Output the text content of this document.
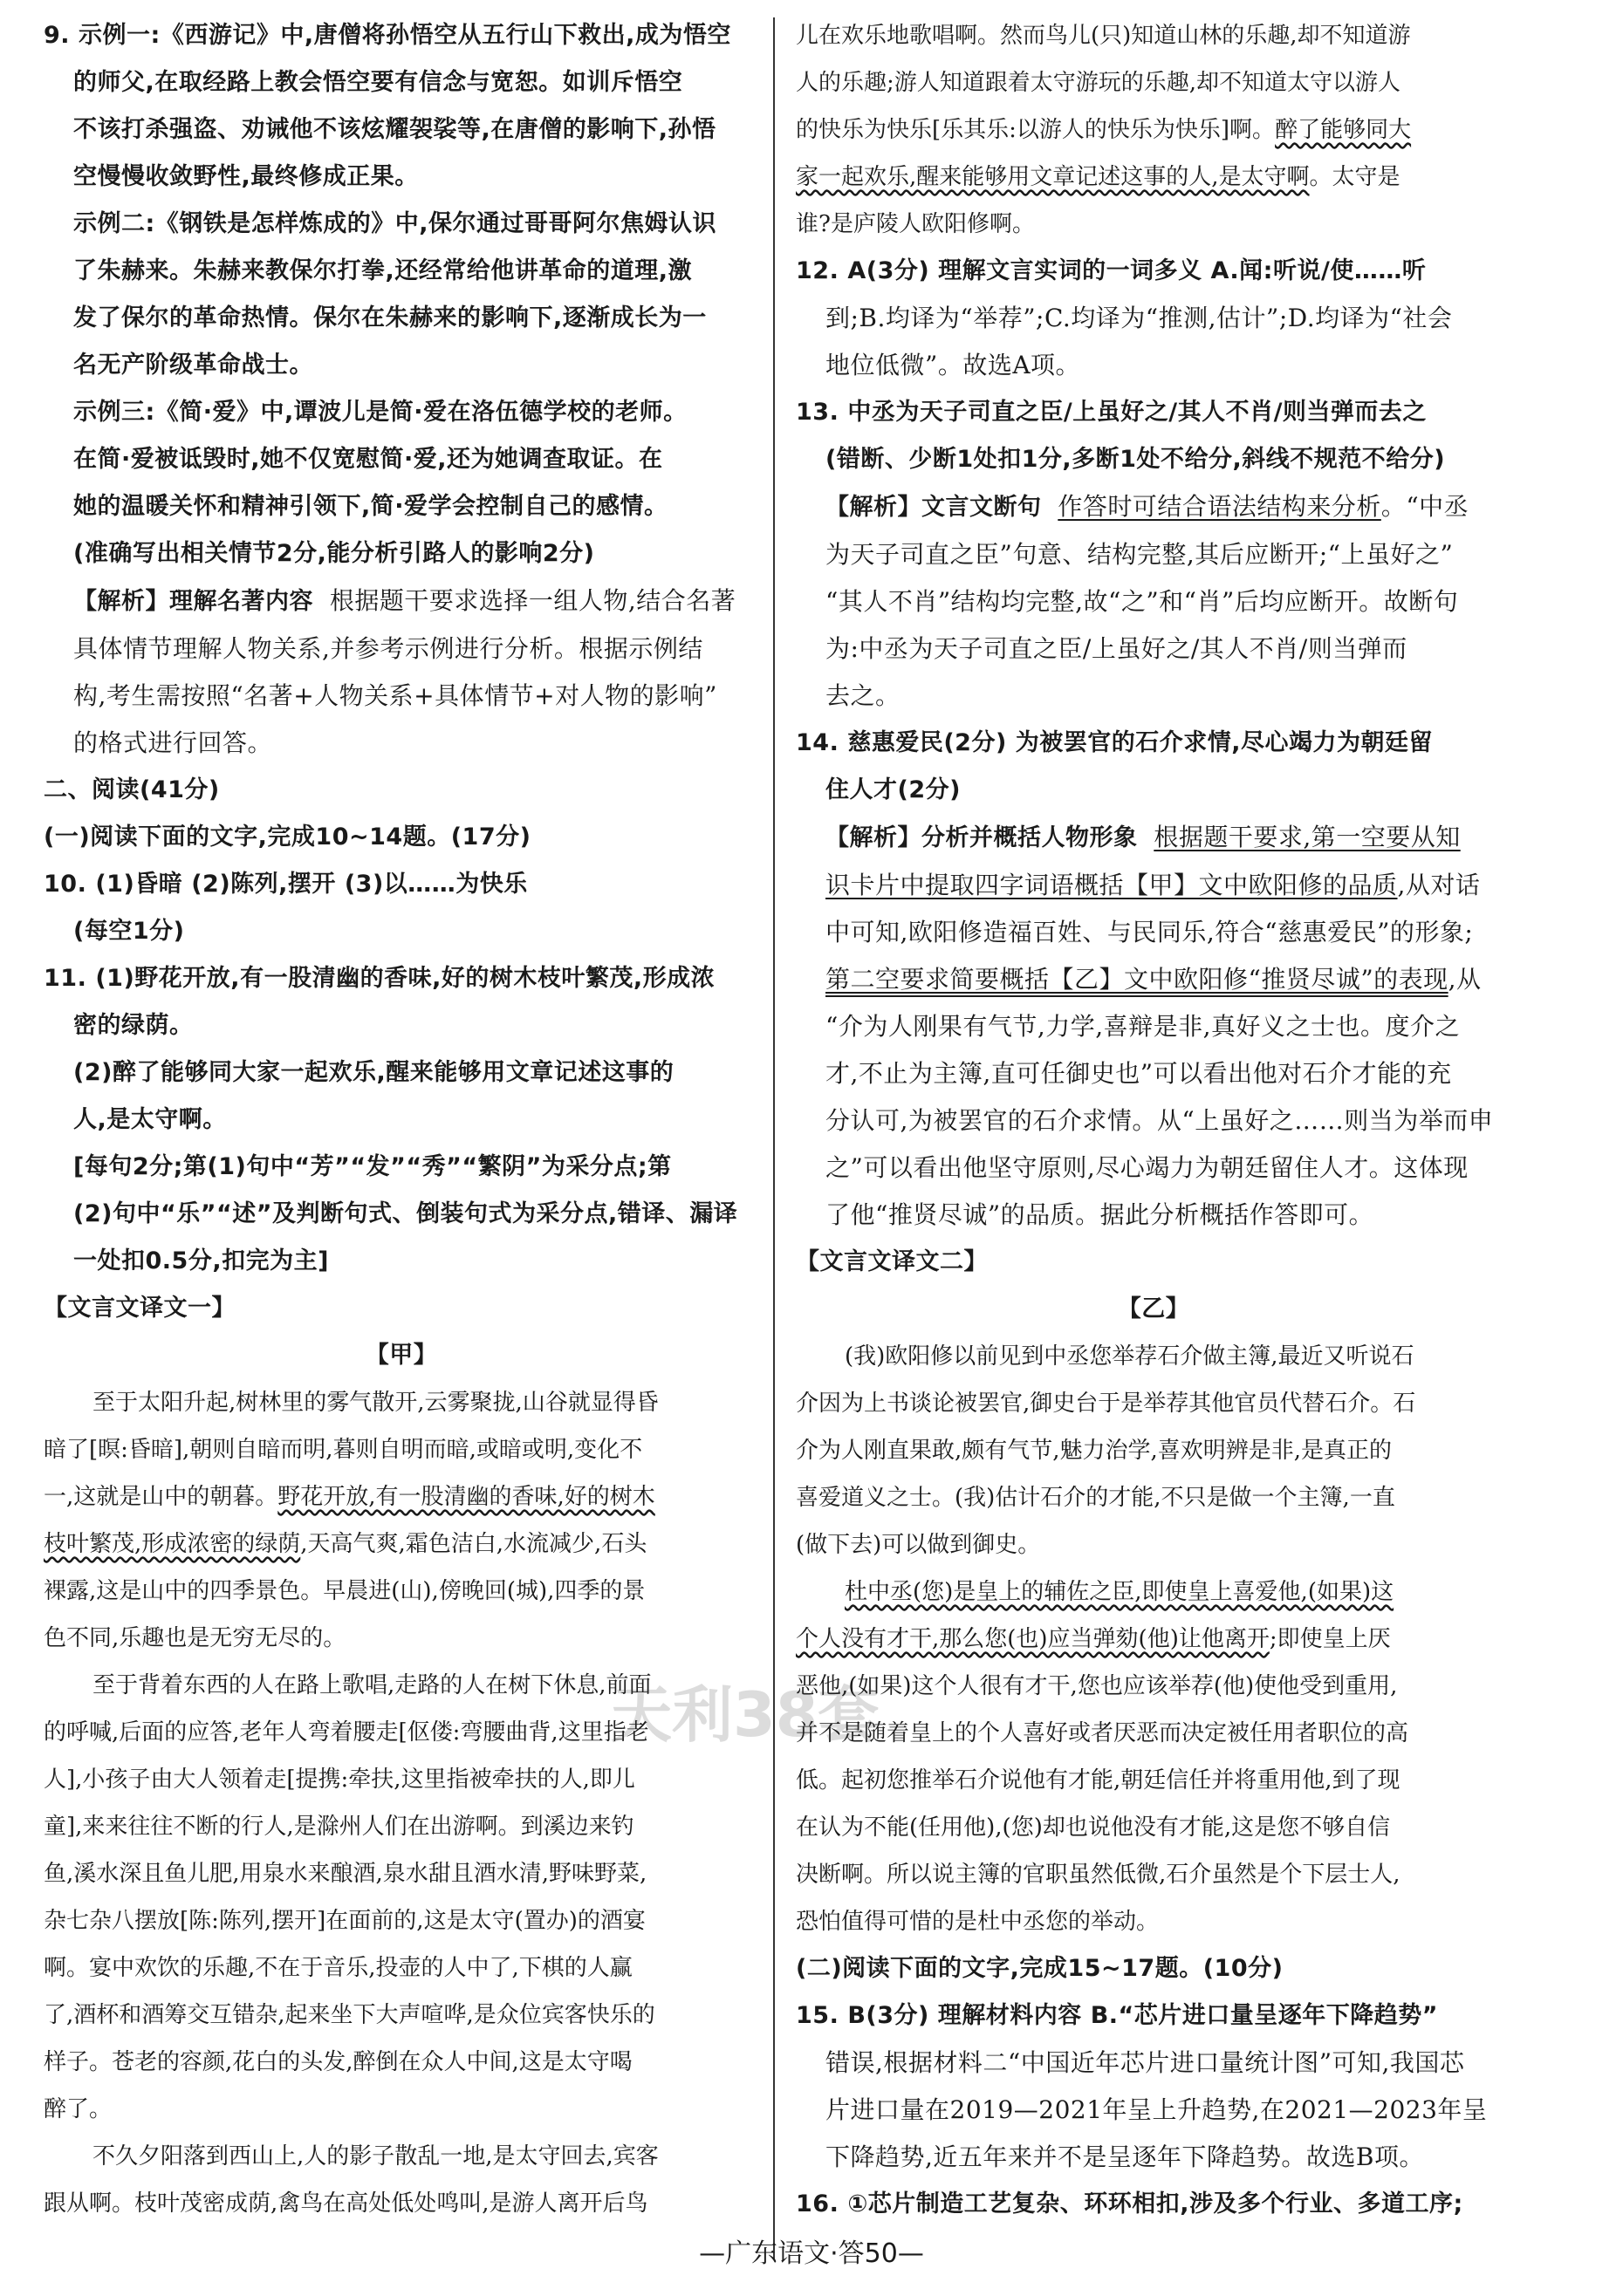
9. 示例一:《西游记》中,唐僧将孙悟空从五行山下救出,成为悟空
的师父,在取经路上教会悟空要有信念与宽恕。如训斥悟空
不该打杀强盗、劝诫他不该炫耀袈裟等,在唐僧的影响下,孙悟
空慢慢收敛野性,最终修成正果。
示例二:《钢铁是怎样炼成的》中,保尔通过哥哥阿尔焦姆认识
了朱赫来。朱赫来教保尔打拳,还经常给他讲革命的道理,激
发了保尔的革命热情。保尔在朱赫来的影响下,逐渐成长为一
名无产阶级革命战士。
示例三:《简·爱》中,谭波儿是简·爱在洛伍德学校的老师。
在简·爱被诋毁时,她不仅宽慰简·爱,还为她调查取证。在
她的温暖关怀和精神引领下,简·爱学会控制自己的感情。
(准确写出相关情节2分,能分析引路人的影响2分)
【解析】理解名著内容 根据题干要求选择一组人物,结合名著
具体情节理解人物关系,并参考示例进行分析。根据示例结
构,考生需按照“名著+人物关系+具体情节+对人物的影响”
的格式进行回答。
二、阅读(41分)
(一)阅读下面的文字,完成10~14题。(17分)
10. (1)昏暗 (2)陈列,摆开 (3)以……为快乐
(每空1分)
11. (1)野花开放,有一股清幽的香味,好的树木枝叶繁茂,形成浓
密的绿荫。
(2)醉了能够同大家一起欢乐,醒来能够用文章记述这事的
人,是太守啊。
[每句2分;第(1)句中“芳”“发”“秀”“繁阴”为采分点;第
(2)句中“乐”“述”及判断句式、倒装句式为采分点,错译、漏译
一处扣0.5分,扣完为主]
【文言文译文一】
【甲】
至于太阳升起,树林里的雾气散开,云雾聚拢,山谷就显得昏
暗了[暝:昏暗],朝则自暗而明,暮则自明而暗,或暗或明,变化不
一,这就是山中的朝暮。野花开放,有一股清幽的香味,好的树木
枝叶繁茂,形成浓密的绿荫,天高气爽,霜色洁白,水流减少,石头
裸露,这是山中的四季景色。早晨进(山),傍晚回(城),四季的景
色不同,乐趣也是无穷无尽的。
至于背着东西的人在路上歌唱,走路的人在树下休息,前面
的呼喊,后面的应答,老年人弯着腰走[伛偻:弯腰曲背,这里指老
人],小孩子由大人领着走[提携:牵扶,这里指被牵扶的人,即儿
童],来来往往不断的行人,是滁州人们在出游啊。到溪边来钓
鱼,溪水深且鱼儿肥,用泉水来酿酒,泉水甜且酒水清,野味野菜,
杂七杂八摆放[陈:陈列,摆开]在面前的,这是太守(置办)的酒宴
啊。宴中欢饮的乐趣,不在于音乐,投壶的人中了,下棋的人赢
了,酒杯和酒筹交互错杂,起来坐下大声喧哗,是众位宾客快乐的
样子。苍老的容颜,花白的头发,醉倒在众人中间,这是太守喝
醉了。
不久夕阳落到西山上,人的影子散乱一地,是太守回去,宾客
跟从啊。枝叶茂密成荫,禽鸟在高处低处鸣叫,是游人离开后鸟
儿在欢乐地歌唱啊。然而鸟儿(只)知道山林的乐趣,却不知道游
人的乐趣;游人知道跟着太守游玩的乐趣,却不知道太守以游人
的快乐为快乐[乐其乐:以游人的快乐为快乐]啊。醉了能够同大
家一起欢乐,醒来能够用文章记述这事的人,是太守啊。太守是
谁?是庐陵人欧阳修啊。
12. A(3分) 理解文言实词的一词多义 A.闻:听说/使……听
到;B.均译为“举荐”;C.均译为“推测,估计”;D.均译为“社会
地位低微”。故选A项。
13. 中丞为天子司直之臣/上虽好之/其人不肖/则当弹而去之
(错断、少断1处扣1分,多断1处不给分,斜线不规范不给分)
【解析】文言文断句 作答时可结合语法结构来分析。“中丞
为天子司直之臣”句意、结构完整,其后应断开;“上虽好之”
“其人不肖”结构均完整,故“之”和“肖”后均应断开。故断句
为:中丞为天子司直之臣/上虽好之/其人不肖/则当弹而
去之。
14. 慈惠爱民(2分) 为被罢官的石介求情,尽心竭力为朝廷留
住人才(2分)
【解析】分析并概括人物形象 根据题干要求,第一空要从知
识卡片中提取四字词语概括【甲】文中欧阳修的品质,从对话
中可知,欧阳修造福百姓、与民同乐,符合“慈惠爱民”的形象;
第二空要求简要概括【乙】文中欧阳修“推贤尽诚”的表现,从
“介为人刚果有气节,力学,喜辩是非,真好义之士也。度介之
才,不止为主簿,直可任御史也”可以看出他对石介才能的充
分认可,为被罢官的石介求情。从“上虽好之……则当为举而申
之”可以看出他坚守原则,尽心竭力为朝廷留住人才。这体现
了他“推贤尽诚”的品质。据此分析概括作答即可。
【文言文译文二】
【乙】
(我)欧阳修以前见到中丞您举荐石介做主簿,最近又听说石
介因为上书谈论被罢官,御史台于是举荐其他官员代替石介。石
介为人刚直果敢,颇有气节,魅力治学,喜欢明辨是非,是真正的
喜爱道义之士。(我)估计石介的才能,不只是做一个主簿,一直
(做下去)可以做到御史。
杜中丞(您)是皇上的辅佐之臣,即使皇上喜爱他,(如果)这
个人没有才干,那么您(也)应当弹劾(他)让他离开;即使皇上厌
恶他,(如果)这个人很有才干,您也应该举荐(他)使他受到重用,
并不是随着皇上的个人喜好或者厌恶而决定被任用者职位的高
低。起初您推举石介说他有才能,朝廷信任并将重用他,到了现
在认为不能(任用他),(您)却也说他没有才能,这是您不够自信
决断啊。所以说主簿的官职虽然低微,石介虽然是个下层士人,
恐怕值得可惜的是杜中丞您的举动。
(二)阅读下面的文字,完成15~17题。(10分)
15. B(3分) 理解材料内容 B.“芯片进口量呈逐年下降趋势”
错误,根据材料二“中国近年芯片进口量统计图”可知,我国芯
片进口量在2019—2021年呈上升趋势,在2021—2023年呈
下降趋势,近五年来并不是呈逐年下降趋势。故选B项。
16. ①芯片制造工艺复杂、环环相扣,涉及多个行业、多道工序;
天利38套
—广东语文·答50—
